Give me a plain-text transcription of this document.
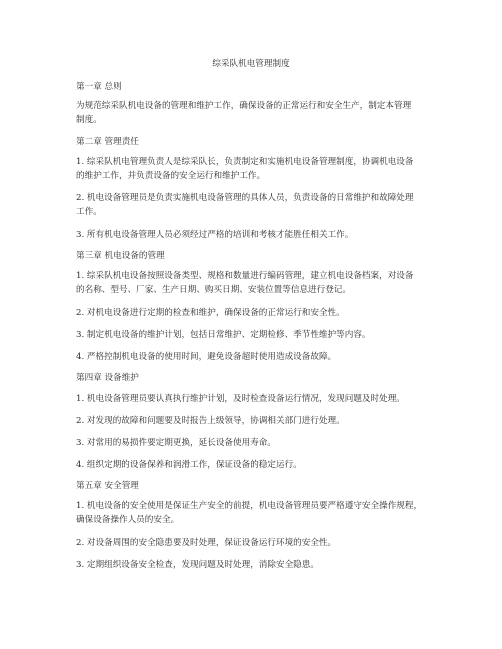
综采队机电管理制度
第一章 总则
为规范综采队机电设备的管理和维护工作，确保设备的正常运行和安全生产，制定本管理
制度。
第二章 管理责任
1. 综采队机电管理负责人是综采队长，负责制定和实施机电设备管理制度，协调机电设备
的维护工作，并负责设备的安全运行和维护工作。
2. 机电设备管理员是负责实施机电设备管理的具体人员，负责设备的日常维护和故障处理
工作。
3. 所有机电设备管理人员必须经过严格的培训和考核才能胜任相关工作。
第三章 机电设备的管理
1. 综采队机电设备按照设备类型、规格和数量进行编码管理，建立机电设备档案，对设备
的名称、型号、厂家、生产日期、购买日期、安装位置等信息进行登记。
2. 对机电设备进行定期的检查和维护，确保设备的正常运行和安全性。
3. 制定机电设备的维护计划，包括日常维护、定期检修、季节性维护等内容。
4. 严格控制机电设备的使用时间，避免设备超时使用造成设备故障。
第四章 设备维护
1. 机电设备管理员要认真执行维护计划，及时检查设备运行情况，发现问题及时处理。
2. 对发现的故障和问题要及时报告上级领导，协调相关部门进行处理。
3. 对常用的易损件要定期更换，延长设备使用寿命。
4. 组织定期的设备保养和润滑工作，保证设备的稳定运行。
第五章 安全管理
1. 机电设备的安全使用是保证生产安全的前提，机电设备管理员要严格遵守安全操作规程，
确保设备操作人员的安全。
2. 对设备周围的安全隐患要及时处理，保证设备运行环境的安全性。
3. 定期组织设备安全检查，发现问题及时处理，消除安全隐患。
